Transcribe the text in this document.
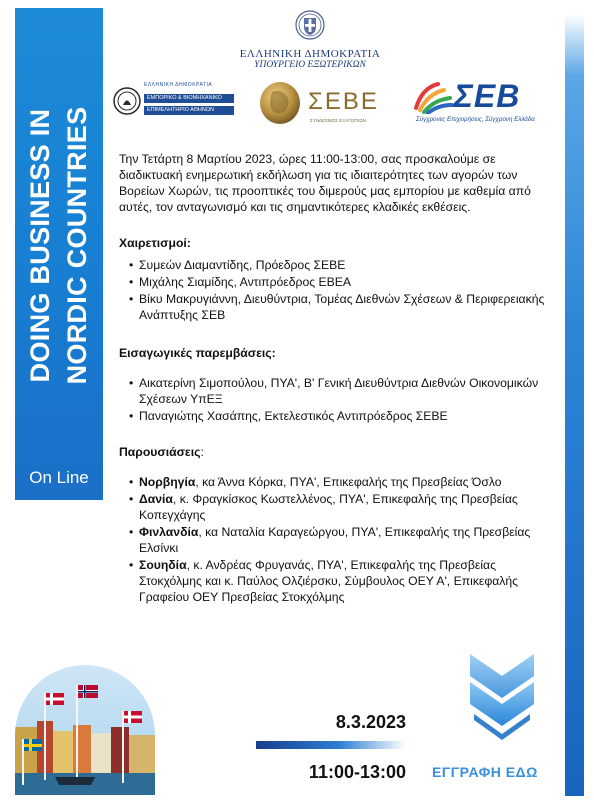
DOING BUSINESS IN NORDIC COUNTRIES
On Line
ΕΛΛΗΝΙΚΗ ΔΗΜΟΚΡΑΤΙΑ
ΥΠΟΥΡΓΕΙΟ ΕΞΩΤΕΡΙΚΩΝ
ΕΛΛΗΝΙΚΗ ΔΗΜΟΚΡΑΤΙΑ
ΕΜΠΟΡΙΚΟ & ΒΙΟΜΗΧΑΝΙΚΟ
ΕΠΙΜΕΛΗΤΗΡΙΟ ΑΘΗΝΩΝ	ΣΕΒΕ
ΣΥΝΔΕΣΜΟΣ ΕΞΑΓΩΓΕΩΝ
ΣΕΒ
Σύγχρονες Επιχειρήσεις, Σύγχρονη Ελλάδα

Την Τετάρτη 8 Μαρτίου 2023, ώρες 11:00-13:00, σας προσκαλούμε σε διαδικτυακή ενημερωτική εκδήλωση για τις ιδιαιτερότητες των αγορών των Βορείων Χωρών, τις προοπτικές του διμερούς μας εμπορίου με καθεμία από αυτές, τον ανταγωνισμό και τις σημαντικότερες κλαδικές εκθέσεις.

Χαιρετισμοί:
• Συμεών Διαμαντίδης, Πρόεδρος ΣΕΒΕ
• Μιχάλης Σιαμίδης, Αντιπρόεδρος ΕΒΕΑ
• Βίκυ Μακρυγιάννη, Διευθύντρια, Τομέας Διεθνών Σχέσεων & Περιφερειακής Ανάπτυξης ΣΕΒ
Εισαγωγικές παρεμβάσεις:
• Αικατερίνη Σιμοπούλου, ΠΥΑ', Β' Γενική Διευθύντρια Διεθνών Οικονομικών Σχέσεων ΥπΕΞ
• Παναγιώτης Χασάπης, Εκτελεστικός Αντιπρόεδρος ΣΕΒΕ
Παρουσιάσεις:
• Νορβηγία, κα Άννα Κόρκα, ΠΥΑ', Επικεφαλής της Πρεσβείας Όσλο
• Δανία, κ. Φραγκίσκος Κωστελλένος, ΠΥΑ', Επικεφαλής της Πρεσβείας Κοπεγχάγης
• Φινλανδία, κα Ναταλία Καραγεώργου, ΠΥΑ', Επικεφαλής της Πρεσβείας Ελσίνκι
• Σουηδία, κ. Ανδρέας Φρυγανάς, ΠΥΑ', Επικεφαλής της Πρεσβείας Στοκχόλμης και κ. Παύλος Ολζιέρσκυ, Σύμβουλος ΟΕΥ Α', Επικεφαλής Γραφείου ΟΕΥ Πρεσβείας Στοκχόλμης
8.3.2023
11:00-13:00 ΕΓΓΡΑΦΗ ΕΔΩ
